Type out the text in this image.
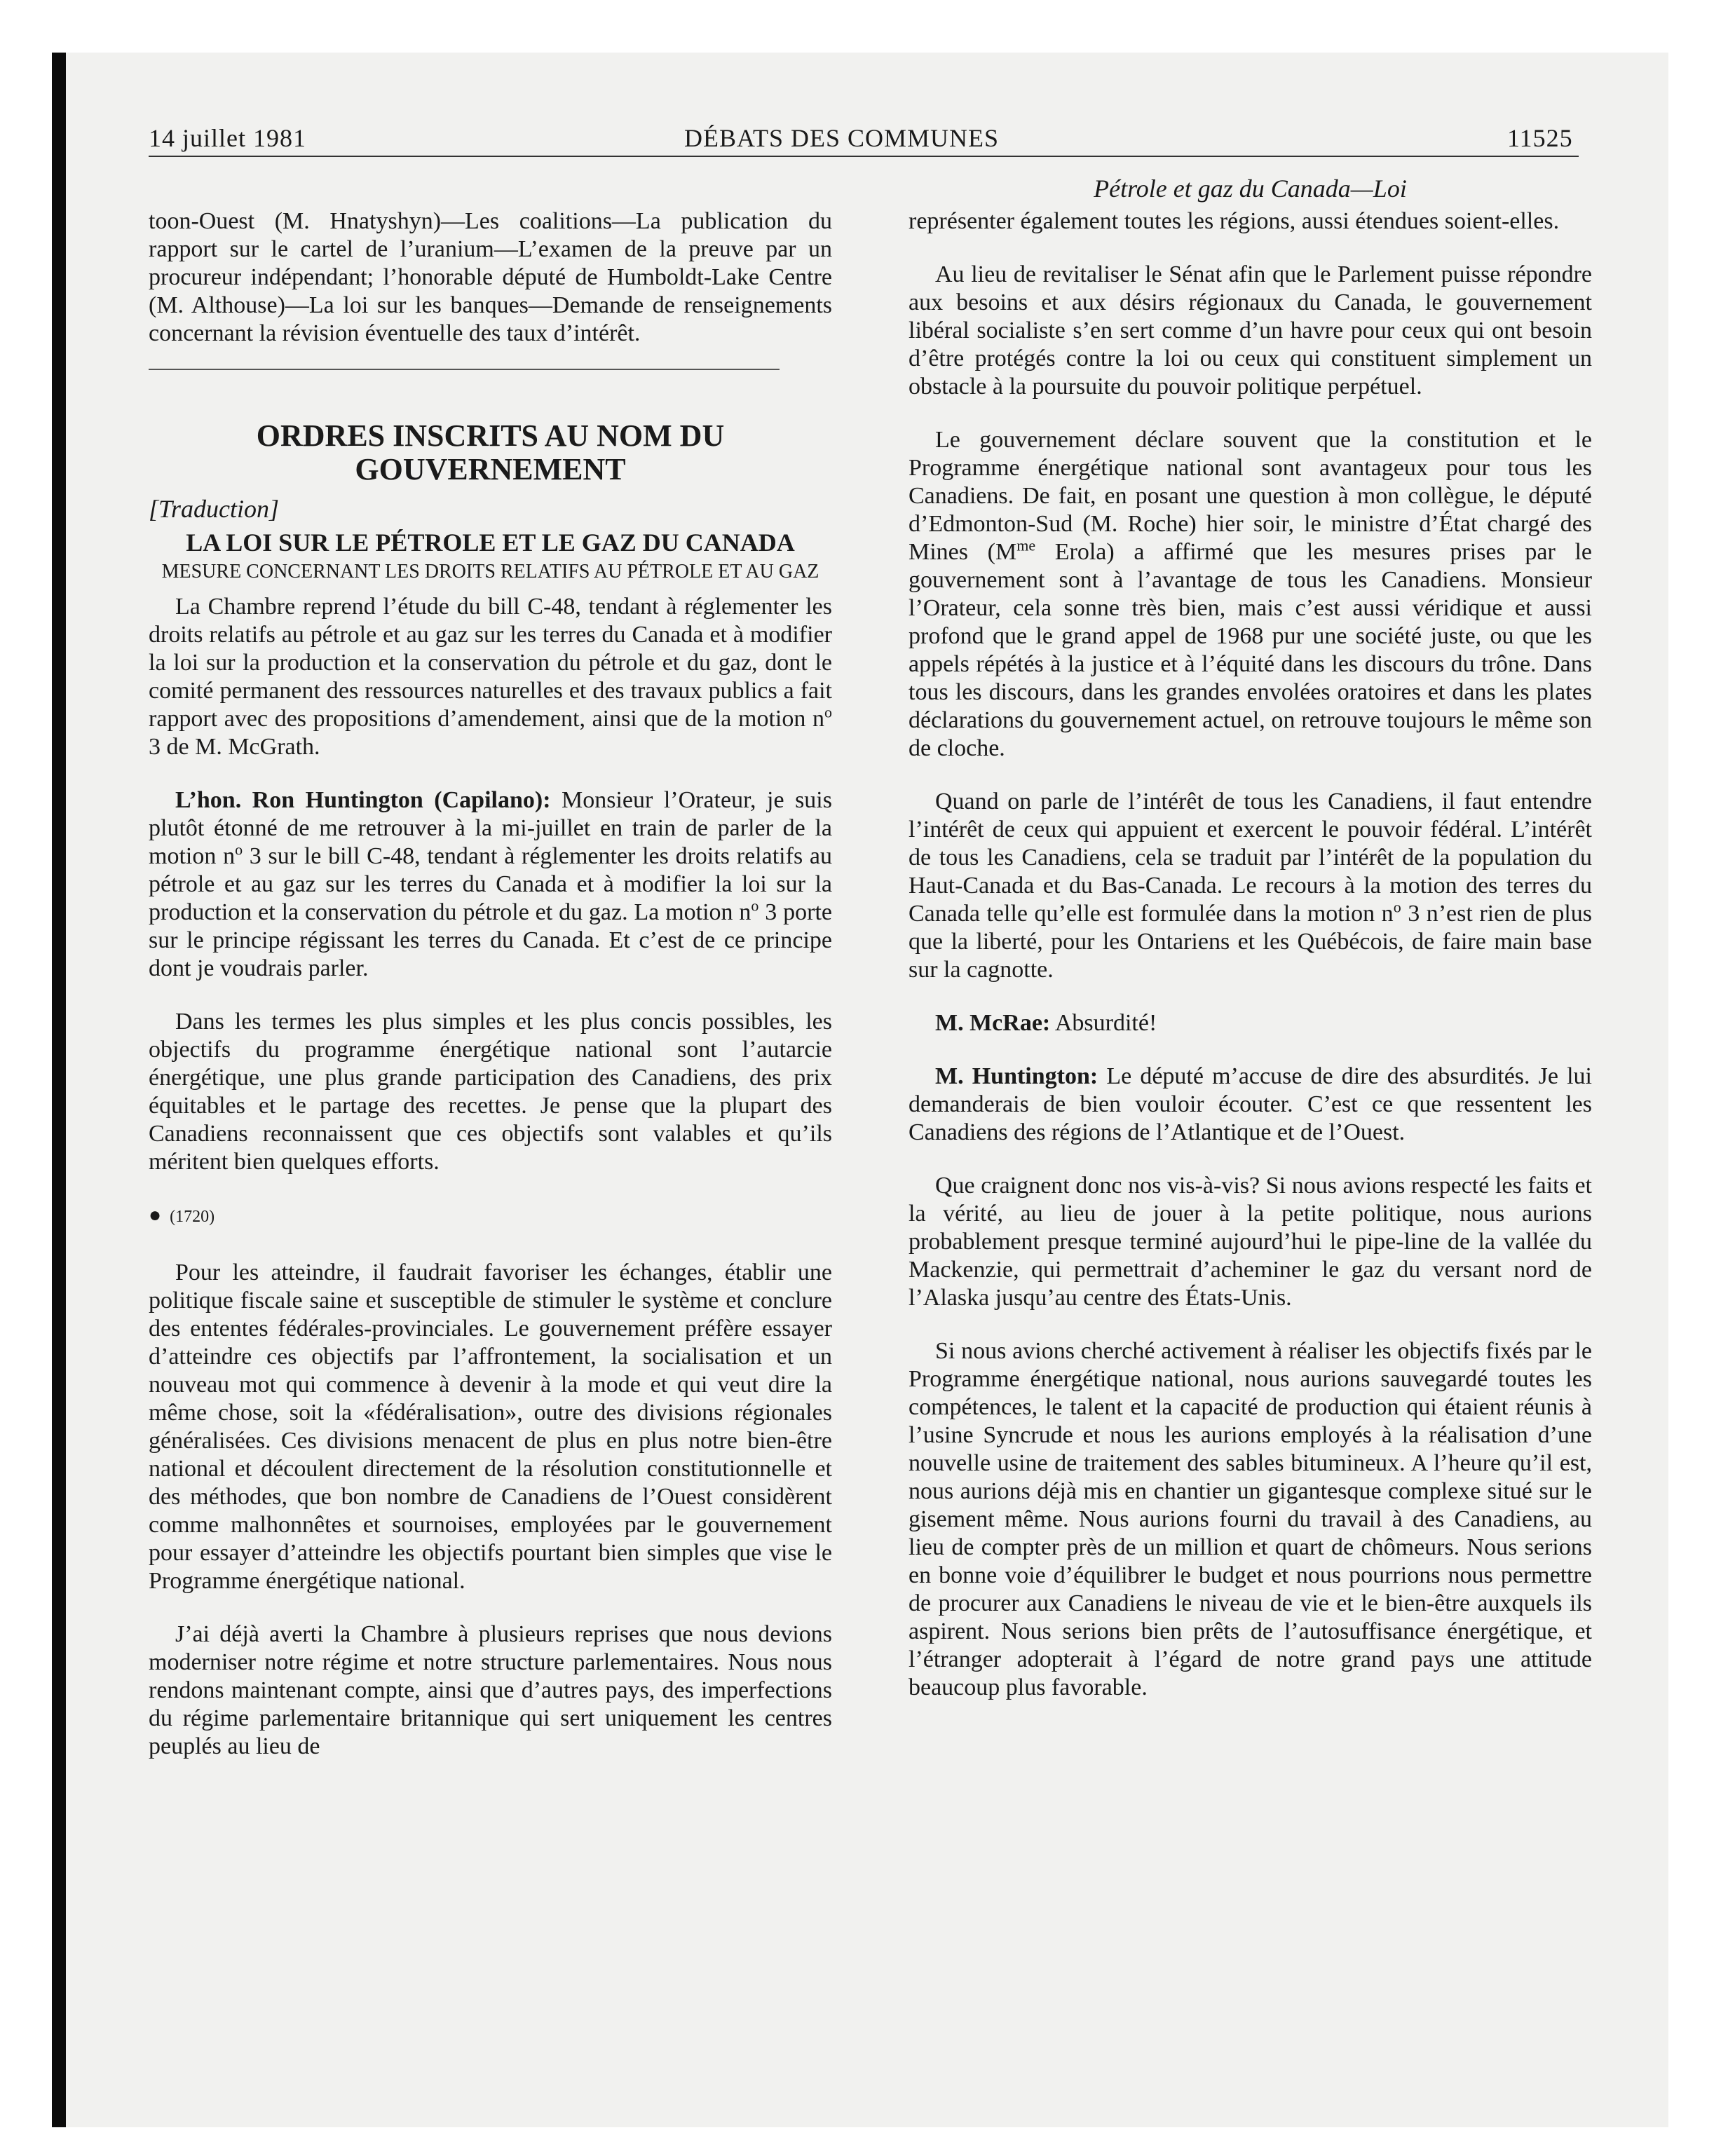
14 juillet 1981	DÉBATS DES COMMUNES	11525
Pétrole et gaz du Canada—Loi

toon-Ouest (M. Hnatyshyn)—Les coalitions—La publication du rapport sur le cartel de l’uranium—L’examen de la preuve par un procureur indépendant; l’honorable député de Humboldt-Lake Centre (M. Althouse)—La loi sur les banques—Demande de renseignements concernant la révision éventuelle des taux d’intérêt.

ORDRES INSCRITS AU NOM DU GOUVERNEMENT
[Traduction]
LA LOI SUR LE PÉTROLE ET LE GAZ DU CANADA
MESURE CONCERNANT LES DROITS RELATIFS AU PÉTROLE ET AU GAZ

La Chambre reprend l’étude du bill C-48, tendant à réglementer les droits relatifs au pétrole et au gaz sur les terres du Canada et à modifier la loi sur la production et la conservation du pétrole et du gaz, dont le comité permanent des ressources naturelles et des travaux publics a fait rapport avec des propositions d’amendement, ainsi que de la motion $n^o$ 3 de M. McGrath.

L’hon. Ron Huntington (Capilano): Monsieur l’Orateur, je suis plutôt étonné de me retrouver à la mi-juillet en train de parler de la motion $n^o$ 3 sur le bill C-48, tendant à réglementer les droits relatifs au pétrole et au gaz sur les terres du Canada et à modifier la loi sur la production et la conservation du pétrole et du gaz. La motion $n^o$ 3 porte sur le principe régissant les terres du Canada. Et c’est de ce principe dont je voudrais parler.

Dans les termes les plus simples et les plus concis possibles, les objectifs du programme énergétique national sont l’autarcie énergétique, une plus grande participation des Canadiens, des prix équitables et le partage des recettes. Je pense que la plupart des Canadiens reconnaissent que ces objectifs sont valables et qu’ils méritent bien quelques efforts.

● (1720)

Pour les atteindre, il faudrait favoriser les échanges, établir une politique fiscale saine et susceptible de stimuler le système et conclure des ententes fédérales-provinciales. Le gouvernement préfère essayer d’atteindre ces objectifs par l’affrontement, la socialisation et un nouveau mot qui commence à devenir à la mode et qui veut dire la même chose, soit la «fédéralisation», outre des divisions régionales généralisées. Ces divisions menacent de plus en plus notre bien-être national et découlent directement de la résolution constitutionnelle et des méthodes, que bon nombre de Canadiens de l’Ouest considèrent comme malhonnêtes et sournoises, employées par le gouvernement pour essayer d’atteindre les objectifs pourtant bien simples que vise le Programme énergétique national.

J’ai déjà averti la Chambre à plusieurs reprises que nous devions moderniser notre régime et notre structure parlementaires. Nous nous rendons maintenant compte, ainsi que d’autres pays, des imperfections du régime parlementaire britannique qui sert uniquement les centres peuplés au lieu de

représenter également toutes les régions, aussi étendues soient-elles.

Au lieu de revitaliser le Sénat afin que le Parlement puisse répondre aux besoins et aux désirs régionaux du Canada, le gouvernement libéral socialiste s’en sert comme d’un havre pour ceux qui ont besoin d’être protégés contre la loi ou ceux qui constituent simplement un obstacle à la poursuite du pouvoir politique perpétuel.

Le gouvernement déclare souvent que la constitution et le Programme énergétique national sont avantageux pour tous les Canadiens. De fait, en posant une question à mon collègue, le député d’Edmonton-Sud (M. Roche) hier soir, le ministre d’État chargé des Mines ($M^{me}$ Erola) a affirmé que les mesures prises par le gouvernement sont à l’avantage de tous les Canadiens. Monsieur l’Orateur, cela sonne très bien, mais c’est aussi véridique et aussi profond que le grand appel de 1968 pur une société juste, ou que les appels répétés à la justice et à l’équité dans les discours du trône. Dans tous les discours, dans les grandes envolées oratoires et dans les plates déclarations du gouvernement actuel, on retrouve toujours le même son de cloche.

Quand on parle de l’intérêt de tous les Canadiens, il faut entendre l’intérêt de ceux qui appuient et exercent le pouvoir fédéral. L’intérêt de tous les Canadiens, cela se traduit par l’intérêt de la population du Haut-Canada et du Bas-Canada. Le recours à la motion des terres du Canada telle qu’elle est formulée dans la motion $n^o$ 3 n’est rien de plus que la liberté, pour les Ontariens et les Québécois, de faire main base sur la cagnotte.

M. McRae: Absurdité!

M. Huntington: Le député m’accuse de dire des absurdités. Je lui demanderais de bien vouloir écouter. C’est ce que ressentent les Canadiens des régions de l’Atlantique et de l’Ouest.

Que craignent donc nos vis-à-vis? Si nous avions respecté les faits et la vérité, au lieu de jouer à la petite politique, nous aurions probablement presque terminé aujourd’hui le pipe-line de la vallée du Mackenzie, qui permettrait d’acheminer le gaz du versant nord de l’Alaska jusqu’au centre des États-Unis.

Si nous avions cherché activement à réaliser les objectifs fixés par le Programme énergétique national, nous aurions sauvegardé toutes les compétences, le talent et la capacité de production qui étaient réunis à l’usine Syncrude et nous les aurions employés à la réalisation d’une nouvelle usine de traitement des sables bitumineux. A l’heure qu’il est, nous aurions déjà mis en chantier un gigantesque complexe situé sur le gisement même. Nous aurions fourni du travail à des Canadiens, au lieu de compter près de un million et quart de chômeurs. Nous serions en bonne voie d’équilibrer le budget et nous pourrions nous permettre de procurer aux Canadiens le niveau de vie et le bien-être auxquels ils aspirent. Nous serions bien prêts de l’autosuffisance énergétique, et l’étranger adopterait à l’égard de notre grand pays une attitude beaucoup plus favorable.
